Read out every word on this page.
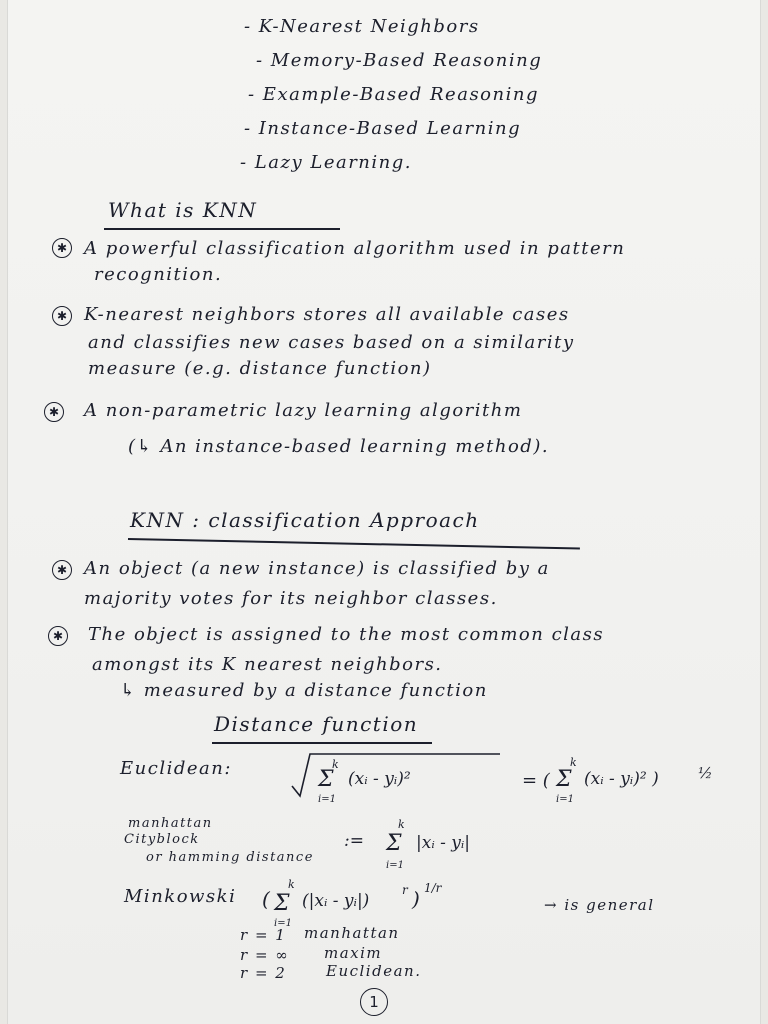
- K-Nearest Neighbors
- Memory-Based Reasoning
- Example-Based Reasoning
- Instance-Based Learning
- Lazy Learning.
What is KNN
✱ A powerful classification algorithm used in pattern
recognition.
✱ K-nearest neighbors stores all available cases
and classifies new cases based on a similarity
measure (e.g. distance function)
✱ A non-parametric lazy learning algorithm
(↳ An instance-based learning method).
KNN : classification Approach
✱ An object (a new instance) is classified by a
majority votes for its neighbor classes.
✱ The object is assigned to the most common class
amongst its K nearest neighbors.
↳ measured by a distance function
Distance function
Euclidean:	Σ
k
i=1
(xᵢ - yᵢ)²	= ( Σ
k
i=1
(xᵢ - yᵢ)² )	½
manhattan
Cityblock
or hamming distance
:= Σ
k
i=1
|xᵢ - yᵢ|
Minkowski ( Σ
k
i=1
(|xᵢ - yᵢ|)
r ) 1/r
→ is general
r = 1 manhattan
r = ∞ maxim
r = 2	Euclidean.
1
